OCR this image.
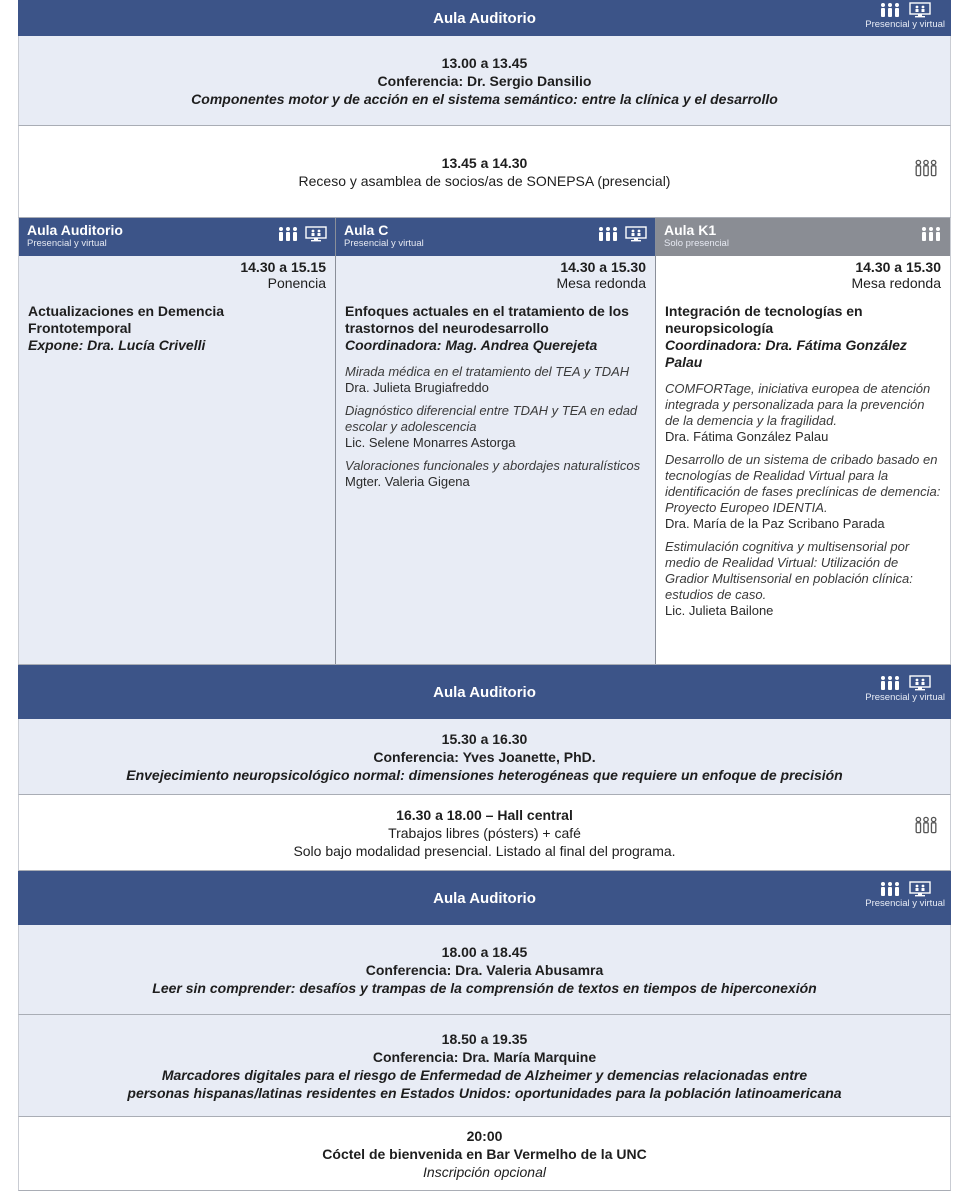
Aula Auditorio	Presencial y virtual
13.00 a 13.45
Conferencia: Dr. Sergio Dansilio
Componentes motor y de acción en el sistema semántico: entre la clínica y el desarrollo
13.45 a 14.30
Receso y asamblea de socios/as de SONEPSA (presencial)
Aula Auditorio
Presencial y virtual
14.30 a 15.15
Ponencia
Actualizaciones en Demencia Frontotemporal
Expone: Dra. Lucía Crivelli
Aula C
Presencial y virtual
14.30 a 15.30
Mesa redonda
Enfoques actuales en el tratamiento de los trastornos del neurodesarrollo
Coordinadora: Mag. Andrea Querejeta
Mirada médica en el tratamiento del TEA y TDAH
Dra. Julieta Brugiafreddo
Diagnóstico diferencial entre TDAH y TEA en edad escolar y adolescencia
Lic. Selene Monarres Astorga
Valoraciones funcionales y abordajes naturalísticos
Mgter. Valeria Gigena
Aula K1
Solo presencial
14.30 a 15.30
Mesa redonda
Integración de tecnologías en neuropsicología
Coordinadora: Dra. Fátima González Palau
COMFORTage, iniciativa europea de atención integrada y personalizada para la prevención de la demencia y la fragilidad.
Dra. Fátima González Palau
Desarrollo de un sistema de cribado basado en tecnologías de Realidad Virtual para la identificación de fases preclínicas de demencia: Proyecto Europeo IDENTIA.
Dra. María de la Paz Scribano Parada
Estimulación cognitiva y multisensorial por medio de Realidad Virtual: Utilización de Gradior Multisensorial en población clínica: estudios de caso.
Lic. Julieta Bailone
Aula Auditorio	Presencial y virtual
15.30 a 16.30
Conferencia: Yves Joanette, PhD.
Envejecimiento neuropsicológico normal: dimensiones heterogéneas que requiere un enfoque de precisión
16.30 a 18.00 – Hall central
Trabajos libres (pósters) + café
Solo bajo modalidad presencial. Listado al final del programa.
Aula Auditorio	Presencial y virtual
18.00 a 18.45
Conferencia: Dra. Valeria Abusamra
Leer sin comprender: desafíos y trampas de la comprensión de textos en tiempos de hiperconexión
18.50 a 19.35
Conferencia: Dra. María Marquine
Marcadores digitales para el riesgo de Enfermedad de Alzheimer y demencias relacionadas entre
personas hispanas/latinas residentes en Estados Unidos: oportunidades para la población latinoamericana
20:00
Cóctel de bienvenida en Bar Vermelho de la UNC
Inscripción opcional
